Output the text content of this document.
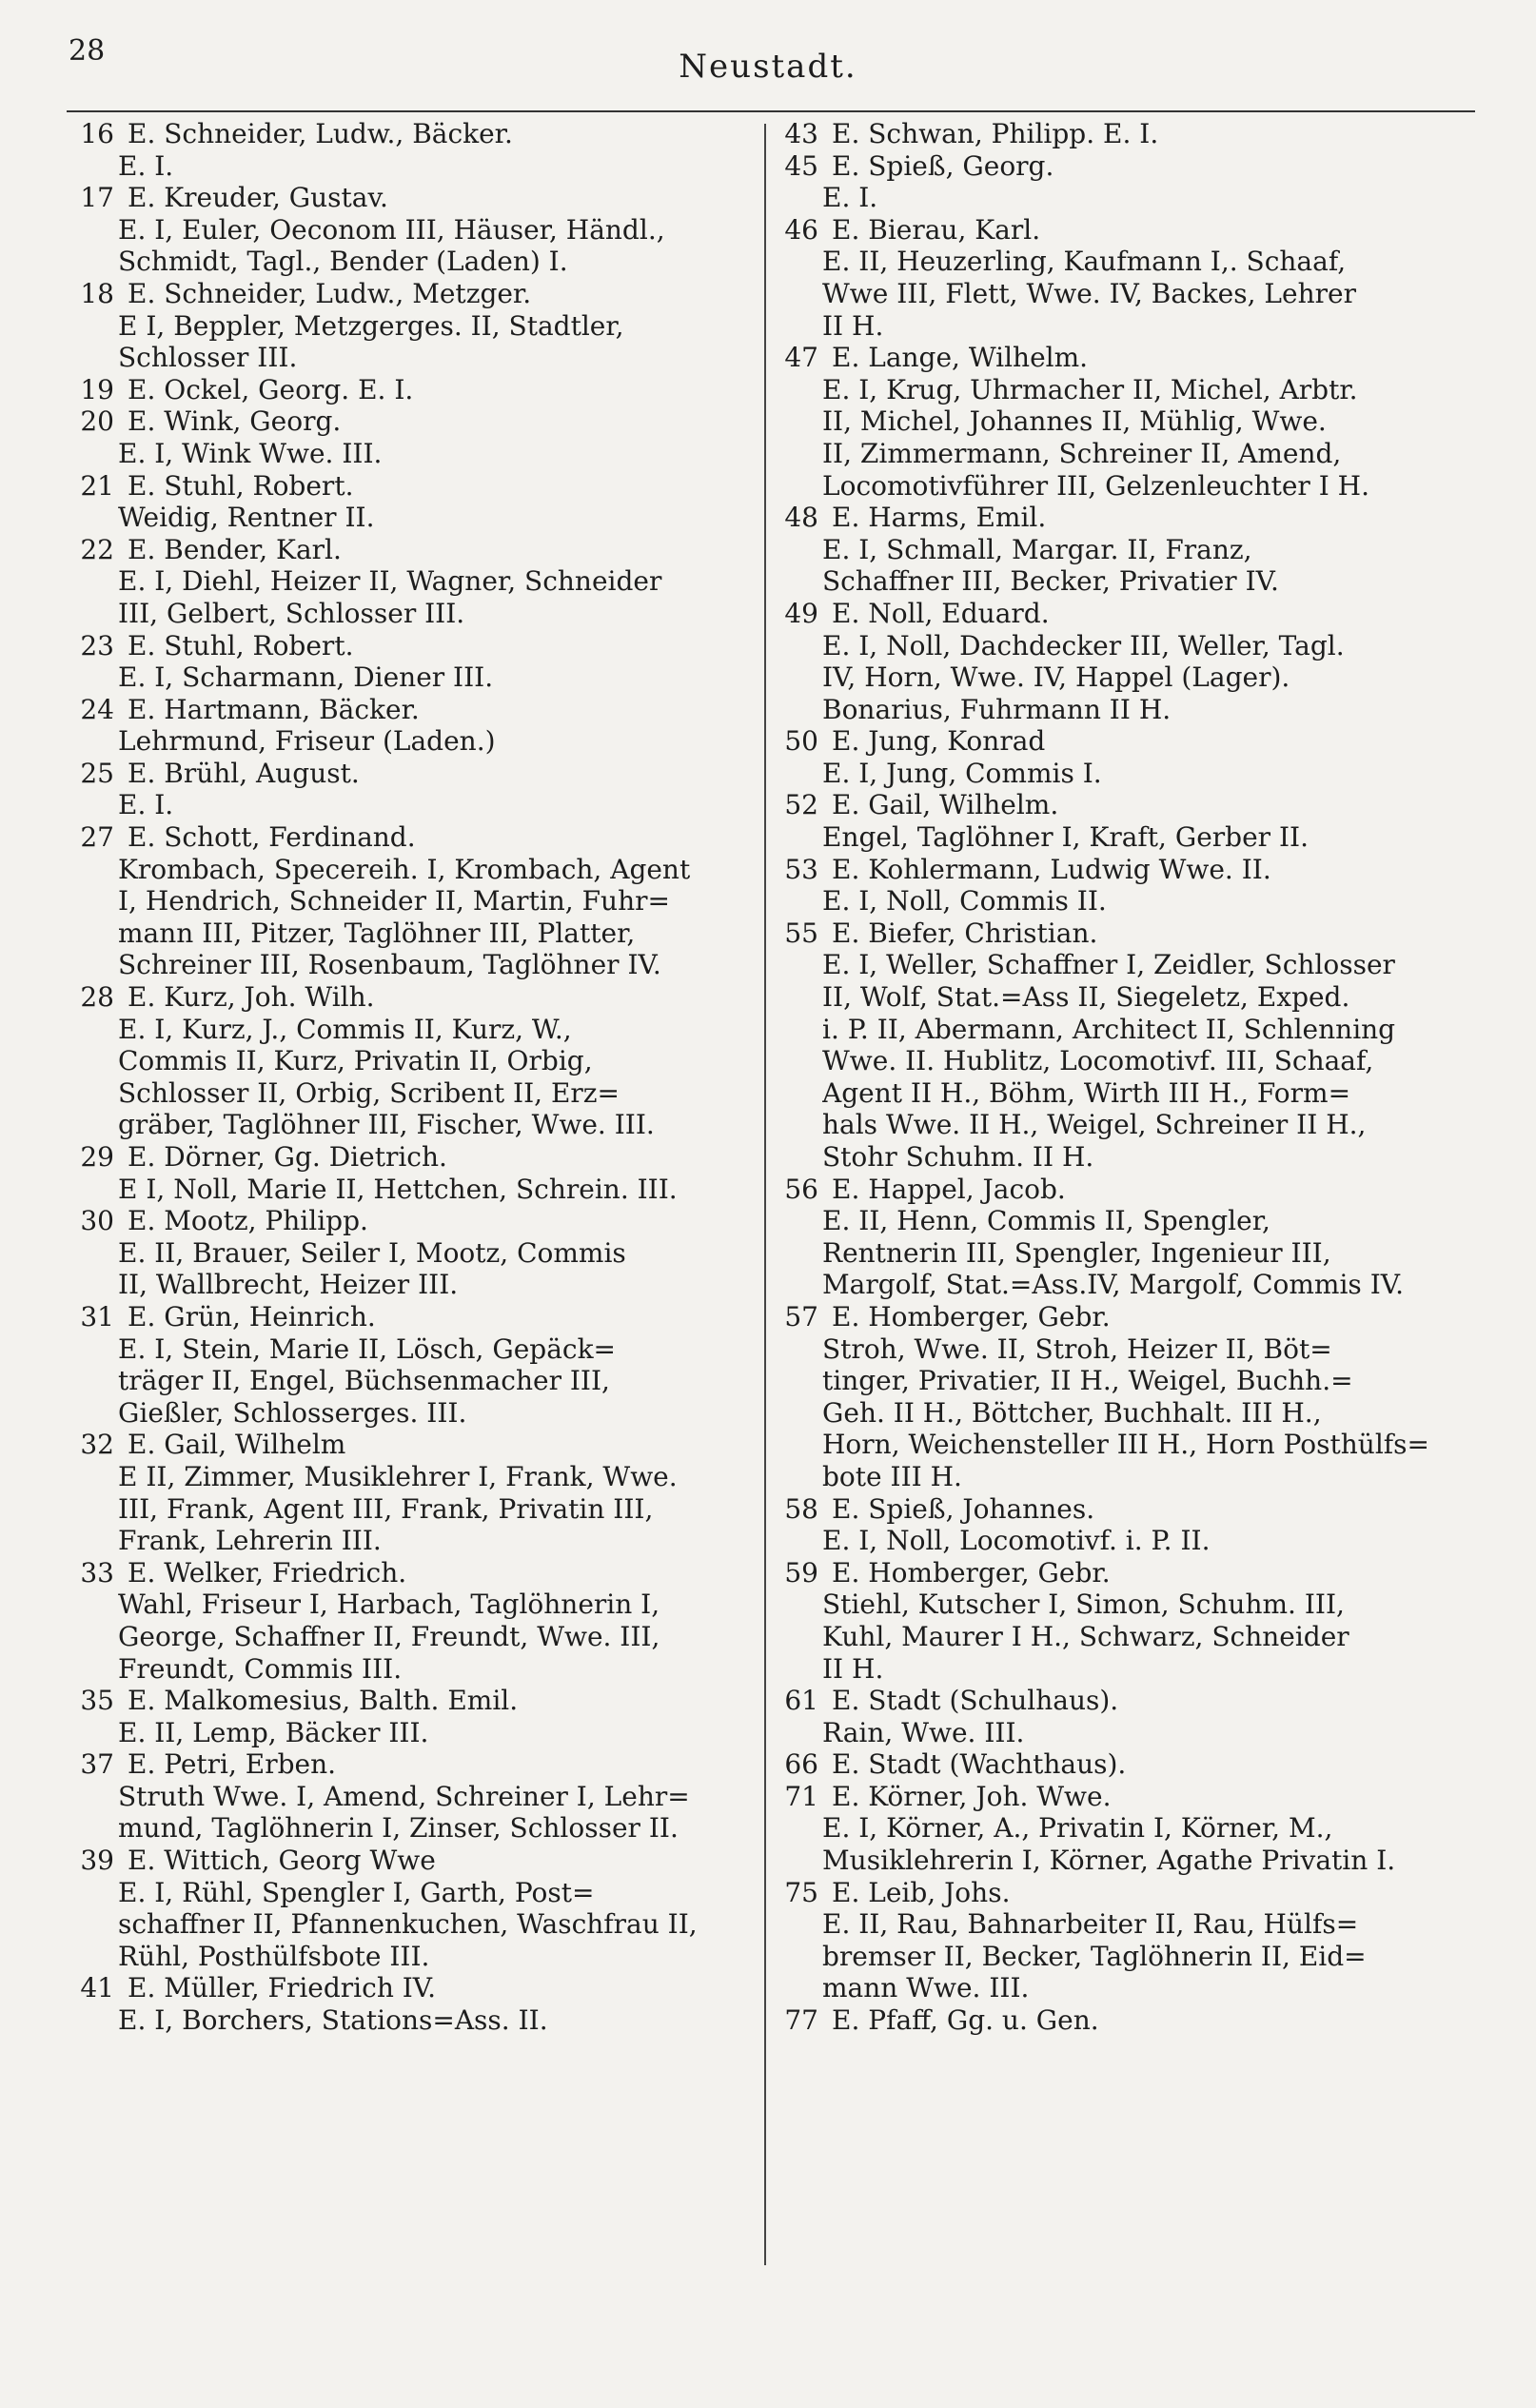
28	Neustadt.
16 E. Schneider, Ludw., Bäcker.
E. I.
17 E. Kreuder, Gustav.
E. I, Euler, Oeconom III, Häuser, Händl.,
Schmidt, Tagl., Bender (Laden) I.
18 E. Schneider, Ludw., Metzger.
E I, Beppler, Metzgerges. II, Stadtler,
Schlosser III.
19 E. Ockel, Georg. E. I.
20 E. Wink, Georg.
E. I, Wink Wwe. III.
21 E. Stuhl, Robert.
Weidig, Rentner II.
22 E. Bender, Karl.
E. I, Diehl, Heizer II, Wagner, Schneider
III, Gelbert, Schlosser III.
23 E. Stuhl, Robert.
E. I, Scharmann, Diener III.
24 E. Hartmann, Bäcker.
Lehrmund, Friseur (Laden.)
25 E. Brühl, August.
E. I.
27 E. Schott, Ferdinand.
Krombach, Specereih. I, Krombach, Agent
I, Hendrich, Schneider II, Martin, Fuhr=
mann III, Pitzer, Taglöhner III, Platter,
Schreiner III, Rosenbaum, Taglöhner IV.
28 E. Kurz, Joh. Wilh.
E. I, Kurz, J., Commis II, Kurz, W.,
Commis II, Kurz, Privatin II, Orbig,
Schlosser II, Orbig, Scribent II, Erz=
gräber, Taglöhner III, Fischer, Wwe. III.
29 E. Dörner, Gg. Dietrich.
E I, Noll, Marie II, Hettchen, Schrein. III.
30 E. Mootz, Philipp.
E. II, Brauer, Seiler I, Mootz, Commis
II, Wallbrecht, Heizer III.
31 E. Grün, Heinrich.
E. I, Stein, Marie II, Lösch, Gepäck=
träger II, Engel, Büchsenmacher III,
Gießler, Schlosserges. III.
32 E. Gail, Wilhelm
E II, Zimmer, Musiklehrer I, Frank, Wwe.
III, Frank, Agent III, Frank, Privatin III,
Frank, Lehrerin III.
33 E. Welker, Friedrich.
Wahl, Friseur I, Harbach, Taglöhnerin I,
George, Schaffner II, Freundt, Wwe. III,
Freundt, Commis III.
35 E. Malkomesius, Balth. Emil.
E. II, Lemp, Bäcker III.
37 E. Petri, Erben.
Struth Wwe. I, Amend, Schreiner I, Lehr=
mund, Taglöhnerin I, Zinser, Schlosser II.
39 E. Wittich, Georg Wwe
E. I, Rühl, Spengler I, Garth, Post=
schaffner II, Pfannenkuchen, Waschfrau II,
Rühl, Posthülfsbote III.
41 E. Müller, Friedrich IV.
E. I, Borchers, Stations=Ass. II.
43 E. Schwan, Philipp. E. I.
45 E. Spieß, Georg.
E. I.
46 E. Bierau, Karl.
E. II, Heuzerling, Kaufmann I,. Schaaf,
Wwe III, Flett, Wwe. IV, Backes, Lehrer
II H.
47 E. Lange, Wilhelm.
E. I, Krug, Uhrmacher II, Michel, Arbtr.
II, Michel, Johannes II, Mühlig, Wwe.
II, Zimmermann, Schreiner II, Amend,
Locomotivführer III, Gelzenleuchter I H.
48 E. Harms, Emil.
E. I, Schmall, Margar. II, Franz,
Schaffner III, Becker, Privatier IV.
49 E. Noll, Eduard.
E. I, Noll, Dachdecker III, Weller, Tagl.
IV, Horn, Wwe. IV, Happel (Lager).
Bonarius, Fuhrmann II H.
50 E. Jung, Konrad
E. I, Jung, Commis I.
52 E. Gail, Wilhelm.
Engel, Taglöhner I, Kraft, Gerber II.
53 E. Kohlermann, Ludwig Wwe. II.
E. I, Noll, Commis II.
55 E. Biefer, Christian.
E. I, Weller, Schaffner I, Zeidler, Schlosser
II, Wolf, Stat.=Ass II, Siegeletz, Exped.
i. P. II, Abermann, Architect II, Schlenning
Wwe. II. Hublitz, Locomotivf. III, Schaaf,
Agent II H., Böhm, Wirth III H., Form=
hals Wwe. II H., Weigel, Schreiner II H.,
Stohr Schuhm. II H.
56 E. Happel, Jacob.
E. II, Henn, Commis II, Spengler,
Rentnerin III, Spengler, Ingenieur III,
Margolf, Stat.=Ass.IV, Margolf, Commis IV.
57 E. Homberger, Gebr.
Stroh, Wwe. II, Stroh, Heizer II, Böt=
tinger, Privatier, II H., Weigel, Buchh.=
Geh. II H., Böttcher, Buchhalt. III H.,
Horn, Weichensteller III H., Horn Posthülfs=
bote III H.
58 E. Spieß, Johannes.
E. I, Noll, Locomotivf. i. P. II.
59 E. Homberger, Gebr.
Stiehl, Kutscher I, Simon, Schuhm. III,
Kuhl, Maurer I H., Schwarz, Schneider
II H.
61 E. Stadt (Schulhaus).
Rain, Wwe. III.
66 E. Stadt (Wachthaus).
71 E. Körner, Joh. Wwe.
E. I, Körner, A., Privatin I, Körner, M.,
Musiklehrerin I, Körner, Agathe Privatin I.
75 E. Leib, Johs.
E. II, Rau, Bahnarbeiter II, Rau, Hülfs=
bremser II, Becker, Taglöhnerin II, Eid=
mann Wwe. III.
77 E. Pfaff, Gg. u. Gen.
